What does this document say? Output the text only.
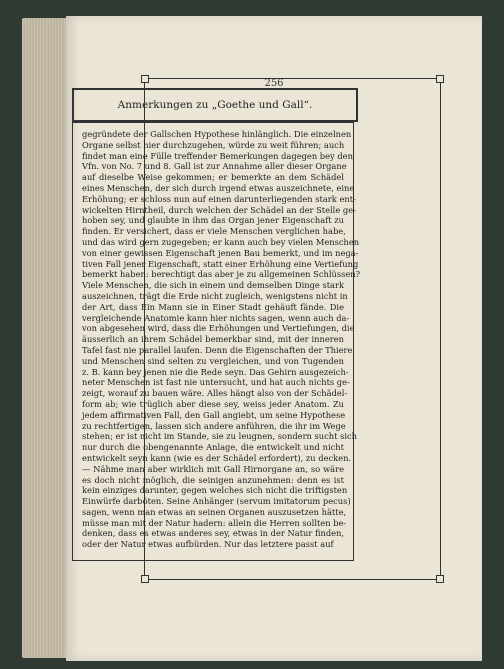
256
Anmerkungen zu „Goethe und Gall“.
gegründete der Gallschen Hypothese hinlänglich. Die einzelnen
Organe selbst hier durchzugehen, würde zu weit führen; auch
findet man eine Fülle treffender Bemerkungen dagegen bey den
Vfn. von No. 7 und 8. Gall ist zur Annahme aller dieser Organe
auf dieselbe Weise gekommen; er bemerkte an dem Schädel
eines Menschen, der sich durch irgend etwas auszeichnete, eine
Erhöhung; er schloss nun auf einen darunterliegenden stark ent-
wickelten Hirntheil, durch welchen der Schädel an der Stelle ge-
hoben sey, und glaubte in ihm das Organ jener Eigenschaft zu
finden. Er versichert, dass er viele Menschen verglichen habe,
und das wird gern zugegeben; er kann auch bey vielen Menschen
von einer gewissen Eigenschaft jenen Bau bemerkt, und im nega-
tiven Fall jener Eigenschaft, statt einer Erhöhung eine Vertiefung
bemerkt haben: berechtigt das aber je zu allgemeinen Schlüssen?
Viele Menschen, die sich in einem und demselben Dinge stark
auszeichnen, trägt die Erde nicht zugleich, wenigstens nicht in
der Art, dass Ein Mann sie in Einer Stadt gehäuft fände. Die
vergleichende Anatomie kann hier nichts sagen, wenn auch da-
von abgesehen wird, dass die Erhöhungen und Vertiefungen, die
äusserlich an ihrem Schädel bemerkbar sind, mit der inneren
Tafel fast nie parallel laufen. Denn die Eigenschaften der Thiere
und Menschen sind selten zu vergleichen, und von Tugenden
z. B. kann bey jenen nie die Rede seyn. Das Gehirn ausgezeich-
neter Menschen ist fast nie untersucht, und hat auch nichts ge-
zeigt, worauf zu bauen wäre. Alles hängt also von der Schädel-
form ab; wie trüglich aber diese sey, weiss jeder Anatom. Zu
jedem affirmativen Fall, den Gall angiebt, um seine Hypothese
zu rechtfertigen, lassen sich andere anführen, die ihr im Wege
stehen; er ist nicht im Stande, sie zu leugnen, sondern sucht sich
nur durch die obengenannte Anlage, die entwickelt und nicht
entwickelt seyn kann (wie es der Schädel erfordert), zu decken.
— Nähme man aber wirklich mit Gall Hirnorgane an, so wäre
es doch nicht möglich, die seinigen anzunehmen: denn es ist
kein einziges darunter, gegen welches sich nicht die triftigsten
Einwürfe darböten. Seine Anhänger (servum imitatorum pecus)
sagen, wenn man etwas an seinen Organen auszusetzen hätte,
müsse man mit der Natur hadern: allein die Herren sollten be-
denken, dass es etwas anderes sey, etwas in der Natur finden,
oder der Natur etwas aufbürden. Nur das letztere passt auf
